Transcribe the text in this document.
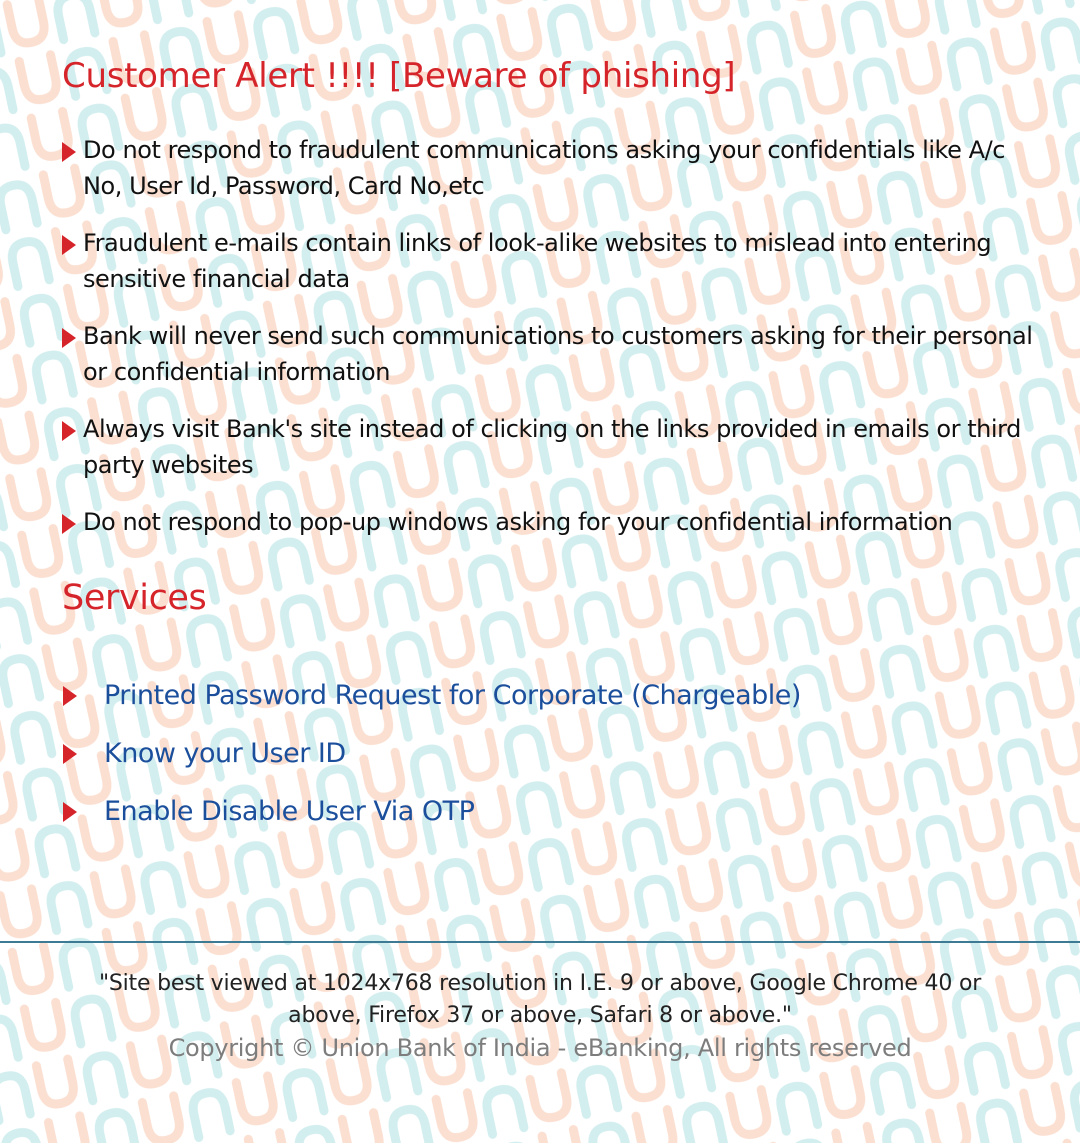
Customer Alert !!!! [Beware of phishing]
Do not respond to fraudulent communications asking your confidentials like A/c No, User Id, Password, Card No,etc
Fraudulent e-mails contain links of look-alike websites to mislead into entering sensitive financial data
Bank will never send such communications to customers asking for their personal or confidential information
Always visit Bank's site instead of clicking on the links provided in emails or third party websites
Do not respond to pop-up windows asking for your confidential information
Services
Printed Password Request for Corporate (Chargeable)
Know your User ID
Enable Disable User Via OTP

"Site best viewed at 1024x768 resolution in I.E. 9 or above, Google Chrome 40 or above, Firefox 37 or above, Safari 8 or above."

Copyright © Union Bank of India - eBanking, All rights reserved
